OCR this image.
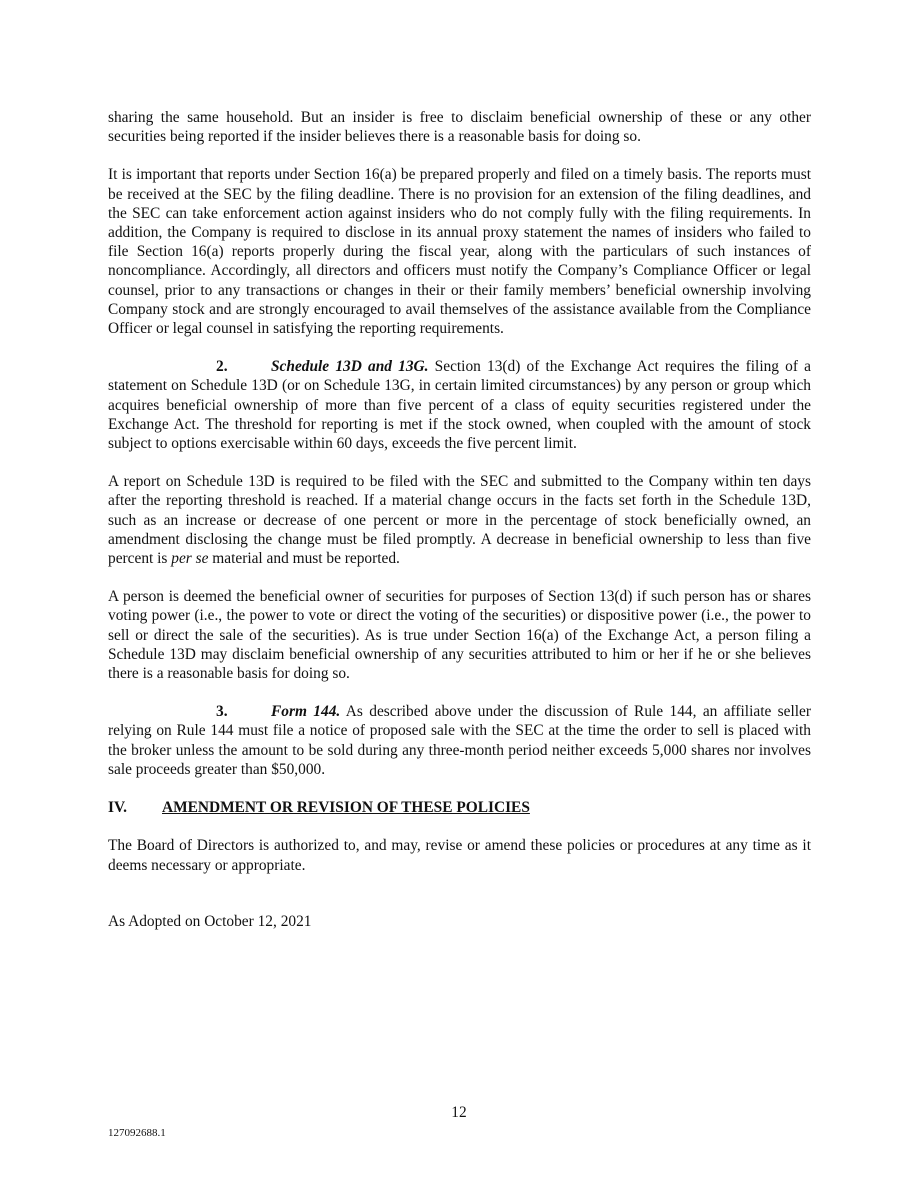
sharing the same household. But an insider is free to disclaim beneficial ownership of these or any other securities being reported if the insider believes there is a reasonable basis for doing so.

It is important that reports under Section 16(a) be prepared properly and filed on a timely basis. The reports must be received at the SEC by the filing deadline. There is no provision for an extension of the filing deadlines, and the SEC can take enforcement action against insiders who do not comply fully with the filing requirements. In addition, the Company is required to disclose in its annual proxy statement the names of insiders who failed to file Section 16(a) reports properly during the fiscal year, along with the particulars of such instances of noncompliance. Accordingly, all directors and officers must notify the Company’s Compliance Officer or legal counsel, prior to any transactions or changes in their or their family members’ beneficial ownership involving Company stock and are strongly encouraged to avail themselves of the assistance available from the Compliance Officer or legal counsel in satisfying the reporting requirements.

2.	Schedule 13D and 13G. Section 13(d) of the Exchange Act requires the filing of a statement on Schedule 13D (or on Schedule 13G, in certain limited circumstances) by any person or group which acquires beneficial ownership of more than five percent of a class of equity securities registered under the Exchange Act. The threshold for reporting is met if the stock owned, when coupled with the amount of stock subject to options exercisable within 60 days, exceeds the five percent limit.

A report on Schedule 13D is required to be filed with the SEC and submitted to the Company within ten days after the reporting threshold is reached. If a material change occurs in the facts set forth in the Schedule 13D, such as an increase or decrease of one percent or more in the percentage of stock beneficially owned, an amendment disclosing the change must be filed promptly. A decrease in beneficial ownership to less than five percent is per se material and must be reported.

A person is deemed the beneficial owner of securities for purposes of Section 13(d) if such person has or shares voting power (i.e., the power to vote or direct the voting of the securities) or dispositive power (i.e., the power to sell or direct the sale of the securities). As is true under Section 16(a) of the Exchange Act, a person filing a Schedule 13D may disclaim beneficial ownership of any securities attributed to him or her if he or she believes there is a reasonable basis for doing so.

3.	Form 144. As described above under the discussion of Rule 144, an affiliate seller relying on Rule 144 must file a notice of proposed sale with the SEC at the time the order to sell is placed with the broker unless the amount to be sold during any three-month period neither exceeds 5,000 shares nor involves sale proceeds greater than $50,000.

IV. AMENDMENT OR REVISION OF THESE POLICIES

The Board of Directors is authorized to, and may, revise or amend these policies or procedures at any time as it deems necessary or appropriate.

As Adopted on October 12, 2021

12
127092688.1
